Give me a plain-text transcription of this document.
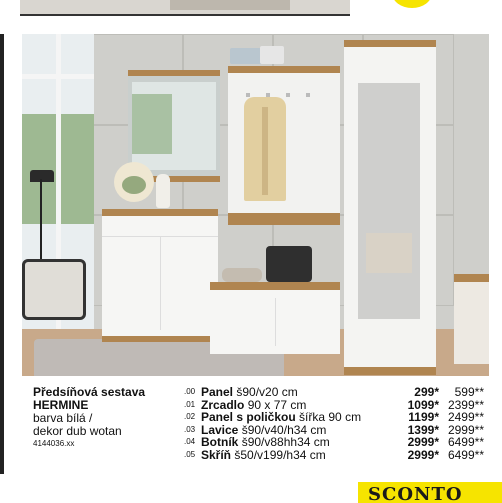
Předsíňová sestava
HERMINE
barva bílá /
dekor dub wotan
4144036.xx
.00 Panel š90/v20 cm	299* 599**
.01 Zrcadlo 90 x 77 cm	1099* 2399**
.02 Panel s poličkou šířka 90 cm	1199* 2499**
.03 Lavice š90/v40/h34 cm	1399* 2999**
.04 Botník š90/v88hh34 cm	2999* 6499**
.05 Skříň š50/v199/h34 cm	2999* 6499**
SCONTO
